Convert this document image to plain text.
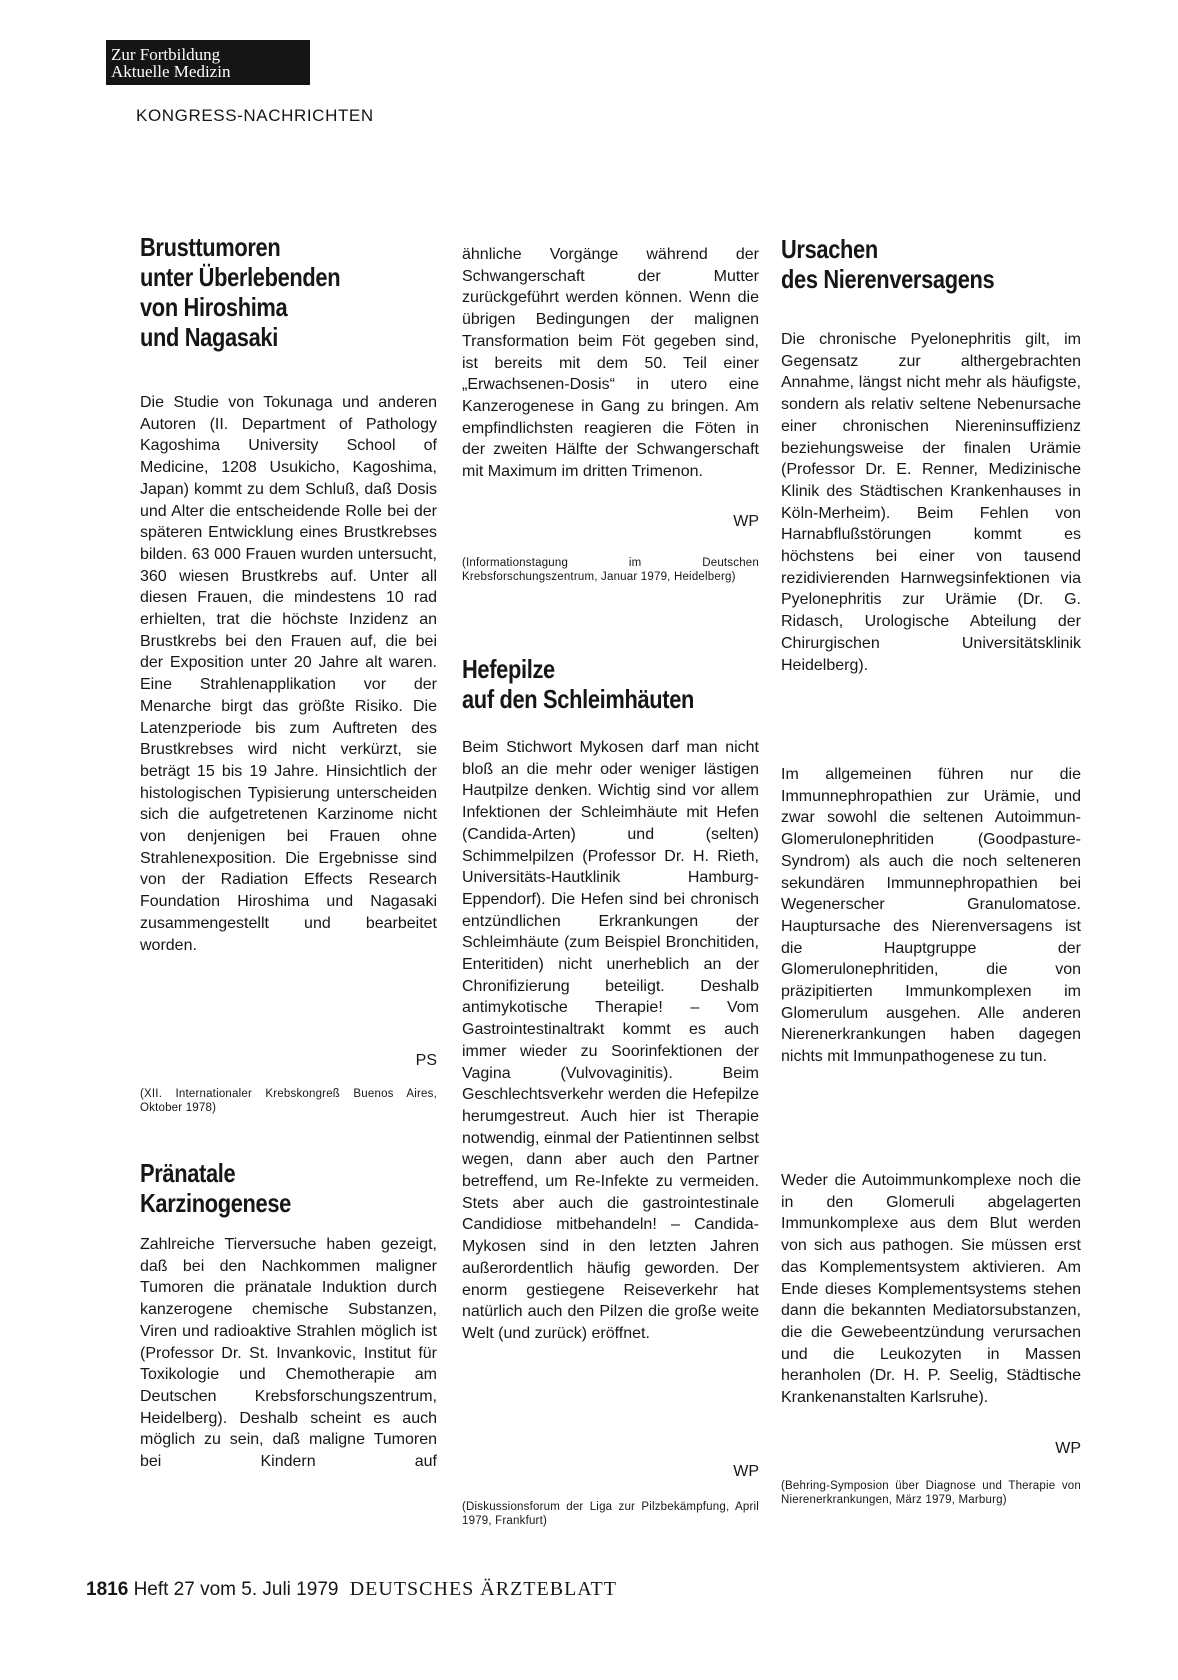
Zur Fortbildung
Aktuelle Medizin
KONGRESS-NACHRICHTEN
Brusttumoren
unter Überlebenden
von Hiroshima
und Nagasaki

Die Studie von Tokunaga und anderen Autoren (II. Department of Pathology Kagoshima University School of Medicine, 1208 Usukicho, Kagoshima, Japan) kommt zu dem Schluß, daß Dosis und Alter die entscheidende Rolle bei der späteren Entwicklung eines Brustkrebses bilden. 63 000 Frauen wurden untersucht, 360 wiesen Brustkrebs auf. Unter all diesen Frauen, die mindestens 10 rad erhielten, trat die höchste Inzidenz an Brustkrebs bei den Frauen auf, die bei der Exposition unter 20 Jahre alt waren. Eine Strahlenapplikation vor der Menarche birgt das größte Risiko. Die Latenzperiode bis zum Auftreten des Brustkrebses wird nicht verkürzt, sie beträgt 15 bis 19 Jahre. Hinsichtlich der histologischen Typisierung unterscheiden sich die aufgetretenen Karzinome nicht von denjenigen bei Frauen ohne Strahlenexposition. Die Ergebnisse sind von der Radiation Effects Research Foundation Hiroshima und Nagasaki zusammengestellt und bearbeitet worden.

PS

(XII. Internationaler Krebskongreß Buenos Aires, Oktober 1978)

Pränatale
Karzinogenese

Zahlreiche Tierversuche haben gezeigt, daß bei den Nachkommen maligner Tumoren die pränatale Induktion durch kanzerogene chemische Substanzen, Viren und radioaktive Strahlen möglich ist (Professor Dr. St. Invankovic, Institut für Toxikologie und Chemotherapie am Deutschen Krebsforschungszentrum, Heidelberg). Deshalb scheint es auch möglich zu sein, daß maligne Tumoren bei Kindern auf

ähnliche Vorgänge während der Schwangerschaft der Mutter zurückgeführt werden können. Wenn die übrigen Bedingungen der malignen Transformation beim Föt gegeben sind, ist bereits mit dem 50. Teil einer „Erwachsenen-Dosis“ in utero eine Kanzerogenese in Gang zu bringen. Am empfindlichsten reagieren die Föten in der zweiten Hälfte der Schwangerschaft mit Maximum im dritten Trimenon.

WP

(Informationstagung im Deutschen Krebsforschungszentrum, Januar 1979, Heidelberg)

Hefepilze
auf den Schleimhäuten

Beim Stichwort Mykosen darf man nicht bloß an die mehr oder weniger lästigen Hautpilze denken. Wichtig sind vor allem Infektionen der Schleimhäute mit Hefen (Candida-Arten) und (selten) Schimmelpilzen (Professor Dr. H. Rieth, Universitäts-Hautklinik Hamburg-Eppendorf). Die Hefen sind bei chronisch entzündlichen Erkrankungen der Schleimhäute (zum Beispiel Bronchitiden, Enteritiden) nicht unerheblich an der Chronifizierung beteiligt. Deshalb antimykotische Therapie! – Vom Gastrointestinaltrakt kommt es auch immer wieder zu Soorinfektionen der Vagina (Vulvovaginitis). Beim Geschlechtsverkehr werden die Hefepilze herumgestreut. Auch hier ist Therapie notwendig, einmal der Patientinnen selbst wegen, dann aber auch den Partner betreffend, um Re-Infekte zu vermeiden. Stets aber auch die gastrointestinale Candidiose mitbehandeln! – Candida-Mykosen sind in den letzten Jahren außerordentlich häufig geworden. Der enorm gestiegene Reiseverkehr hat natürlich auch den Pilzen die große weite Welt (und zurück) eröffnet.

WP

(Diskussionsforum der Liga zur Pilzbekämpfung, April 1979, Frankfurt)

Ursachen
des Nierenversagens

Die chronische Pyelonephritis gilt, im Gegensatz zur althergebrachten Annahme, längst nicht mehr als häufigste, sondern als relativ seltene Nebenursache einer chronischen Niereninsuffizienz beziehungsweise der finalen Urämie (Professor Dr. E. Renner, Medizinische Klinik des Städtischen Krankenhauses in Köln-Merheim). Beim Fehlen von Harnabflußstörungen kommt es höchstens bei einer von tausend rezidivierenden Harnwegsinfektionen via Pyelonephritis zur Urämie (Dr. G. Ridasch, Urologische Abteilung der Chirurgischen Universitätsklinik Heidelberg).

Im allgemeinen führen nur die Immunnephropathien zur Urämie, und zwar sowohl die seltenen Autoimmun-Glomerulonephritiden (Goodpasture-Syndrom) als auch die noch selteneren sekundären Immunnephropathien bei Wegenerscher Granulomatose. Hauptursache des Nierenversagens ist die Hauptgruppe der Glomerulonephritiden, die von präzipitierten Immunkomplexen im Glomerulum ausgehen. Alle anderen Nierenerkrankungen haben dagegen nichts mit Immunpathogenese zu tun.

Weder die Autoimmunkomplexe noch die in den Glomeruli abgelagerten Immunkomplexe aus dem Blut werden von sich aus pathogen. Sie müssen erst das Komplementsystem aktivieren. Am Ende dieses Komplementsystems stehen dann die bekannten Mediatorsubstanzen, die die Gewebeentzündung verursachen und die Leukozyten in Massen heranholen (Dr. H. P. Seelig, Städtische Krankenanstalten Karlsruhe).

WP

(Behring-Symposion über Diagnose und Therapie von Nierenerkrankungen, März 1979, Marburg)

1816 Heft 27 vom 5. Juli 1979 DEUTSCHES ÄRZTEBLATT
